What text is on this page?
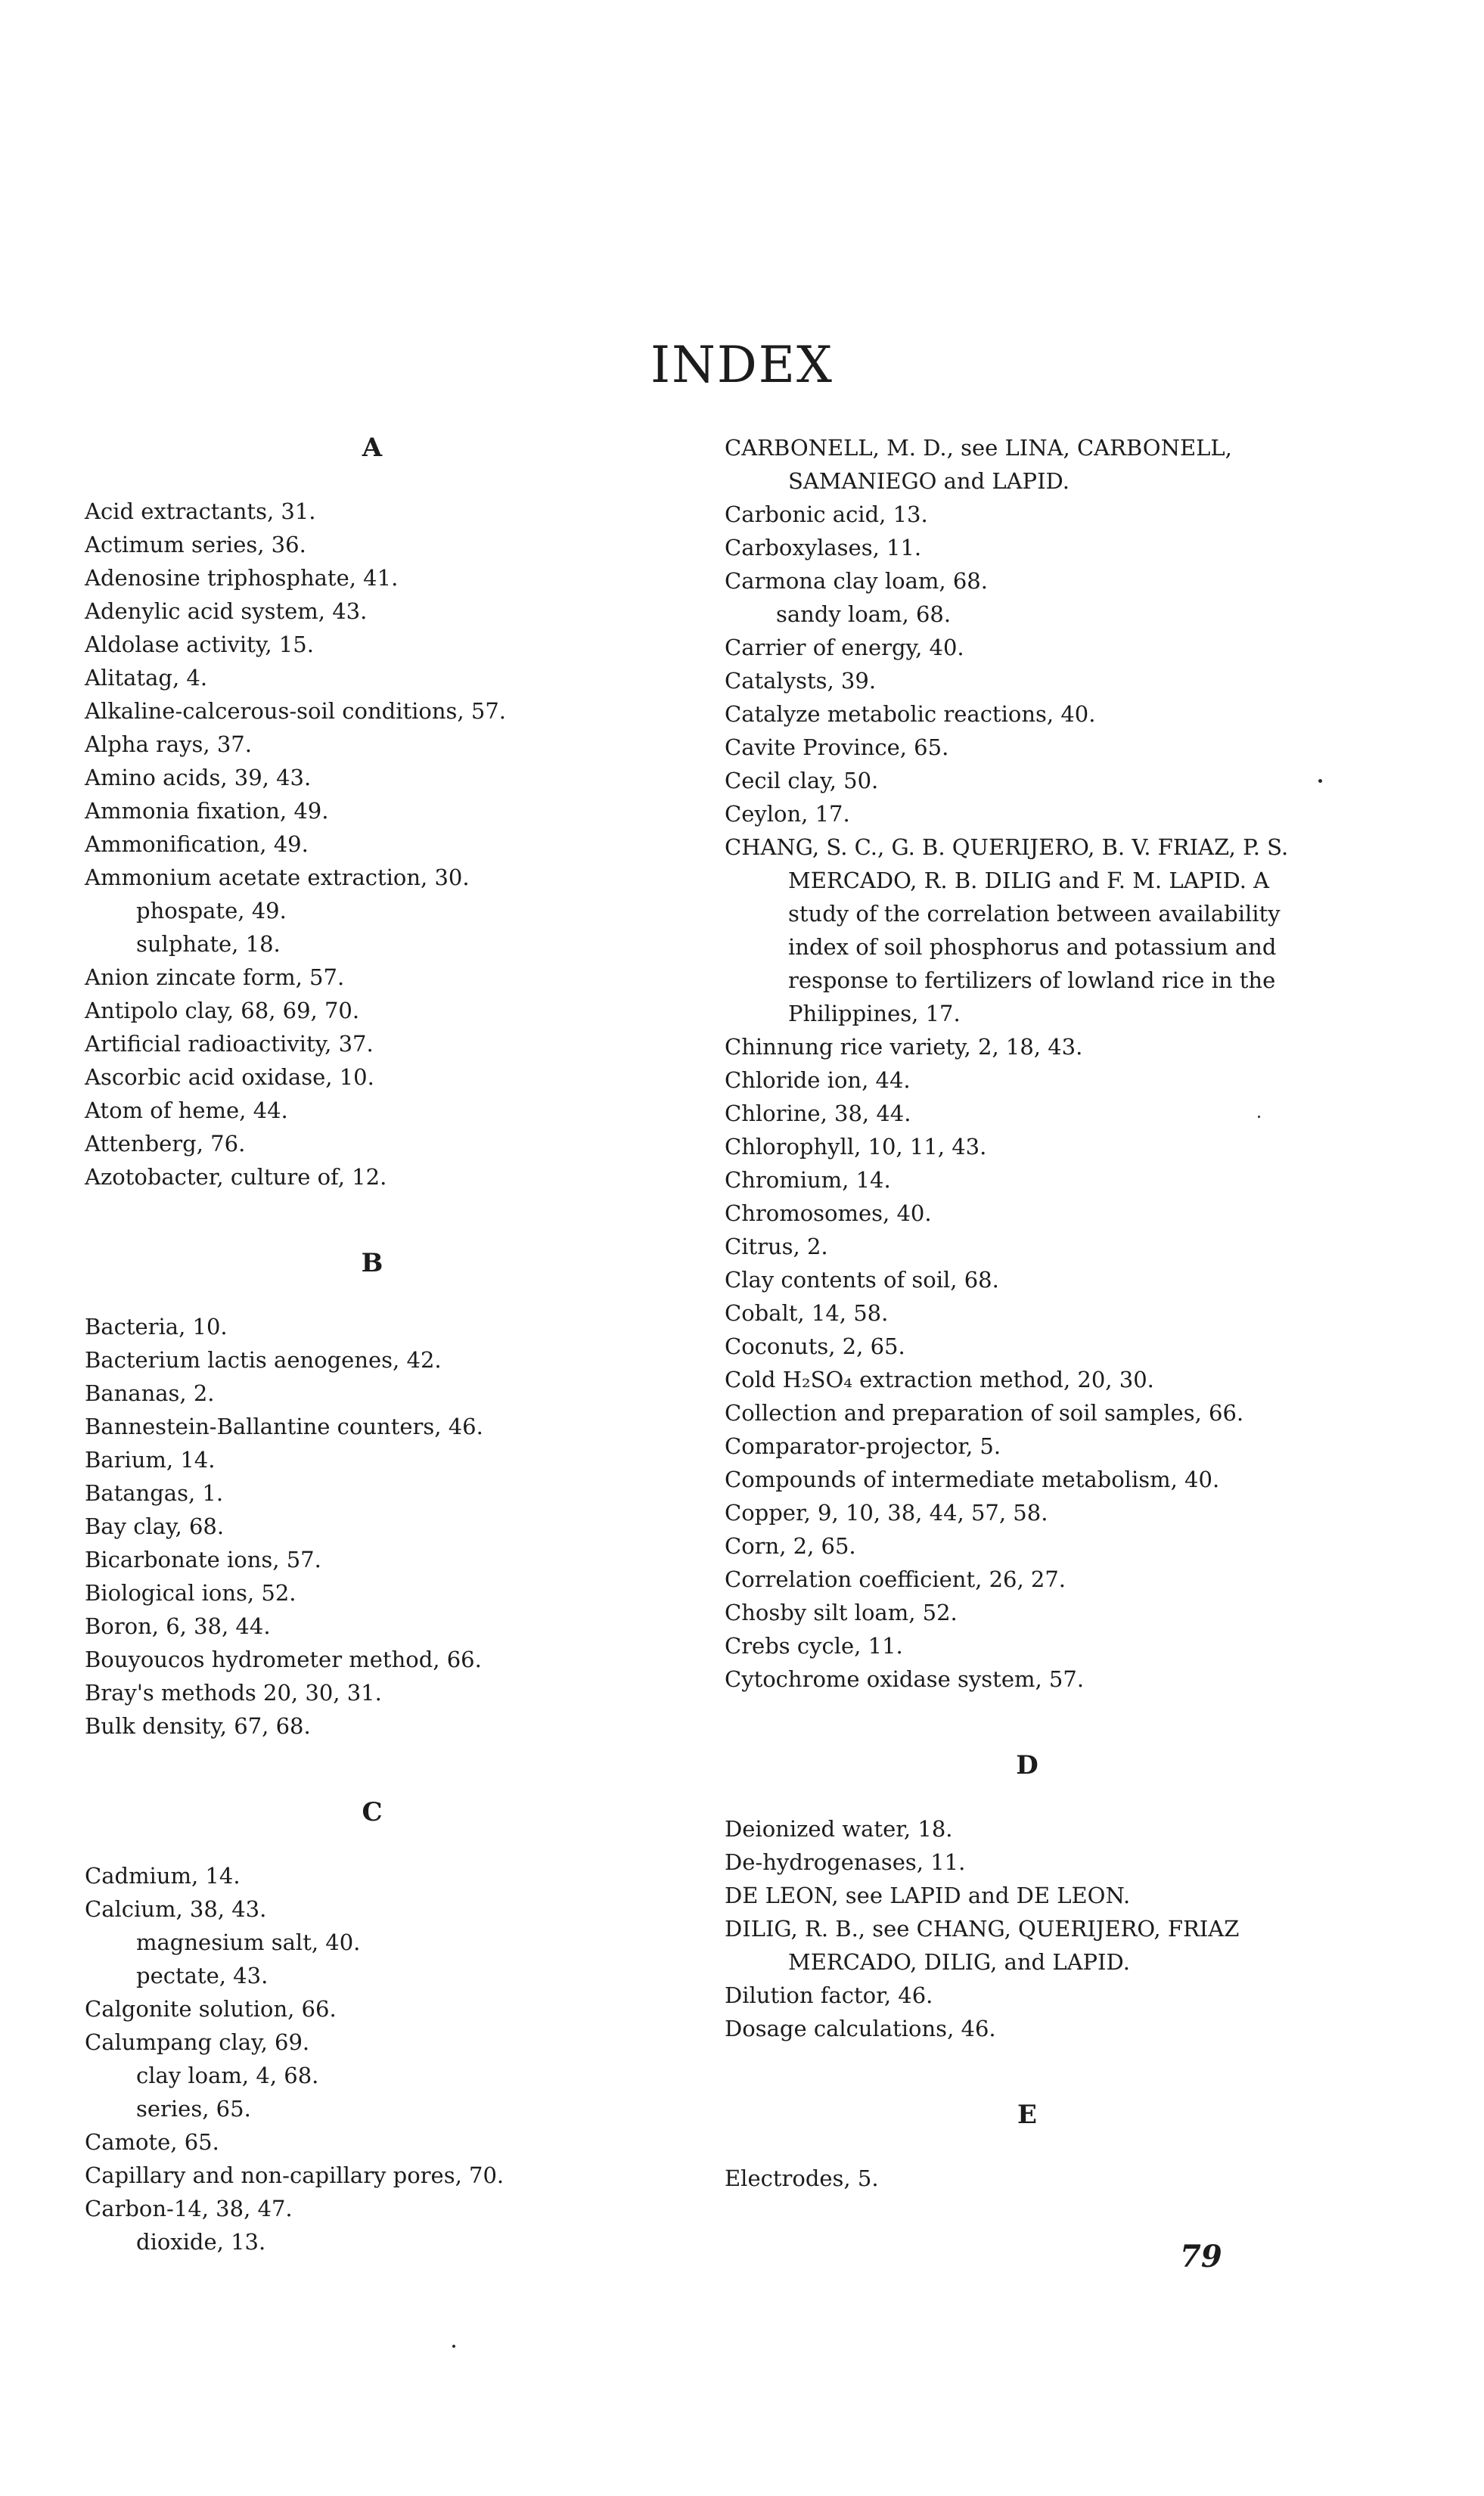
INDEX
A
Acid extractants, 31.
Actimum series, 36.
Adenosine triphosphate, 41.
Adenylic acid system, 43.
Aldolase activity, 15.
Alitatag, 4.
Alkaline-calcerous-soil conditions, 57.
Alpha rays, 37.
Amino acids, 39, 43.
Ammonia fixation, 49.
Ammonification, 49.
Ammonium acetate extraction, 30.
phospate, 49.
sulphate, 18.
Anion zincate form, 57.
Antipolo clay, 68, 69, 70.
Artificial radioactivity, 37.
Ascorbic acid oxidase, 10.
Atom of heme, 44.
Attenberg, 76.
Azotobacter, culture of, 12.
B
Bacteria, 10.
Bacterium lactis aenogenes, 42.
Bananas, 2.
Bannestein-Ballantine counters, 46.
Barium, 14.
Batangas, 1.
Bay clay, 68.
Bicarbonate ions, 57.
Biological ions, 52.
Boron, 6, 38, 44.
Bouyoucos hydrometer method, 66.
Bray's methods 20, 30, 31.
Bulk density, 67, 68.
C
Cadmium, 14.
Calcium, 38, 43.
magnesium salt, 40.
pectate, 43.
Calgonite solution, 66.
Calumpang clay, 69.
clay loam, 4, 68.
series, 65.
Camote, 65.
Capillary and non-capillary pores, 70.
Carbon-14, 38, 47.
dioxide, 13.
CARBONELL, M. D., see LINA, CARBONELL, SAMANIEGO and LAPID.
Carbonic acid, 13.
Carboxylases, 11.
Carmona clay loam, 68.
sandy loam, 68.
Carrier of energy, 40.
Catalysts, 39.
Catalyze metabolic reactions, 40.
Cavite Province, 65.
Cecil clay, 50.
Ceylon, 17.
CHANG, S. C., G. B. QUERIJERO, B. V. FRIAZ, P. S. MERCADO, R. B. DILIG and F. M. LAPID. A study of the correlation between availability index of soil phosphorus and potassium and response to fertilizers of lowland rice in the Philippines, 17.
Chinnung rice variety, 2, 18, 43.
Chloride ion, 44.
Chlorine, 38, 44.
Chlorophyll, 10, 11, 43.
Chromium, 14.
Chromosomes, 40.
Citrus, 2.
Clay contents of soil, 68.
Cobalt, 14, 58.
Coconuts, 2, 65.
Cold H₂SO₄ extraction method, 20, 30.
Collection and preparation of soil samples, 66.
Comparator-projector, 5.
Compounds of intermediate metabolism, 40.
Copper, 9, 10, 38, 44, 57, 58.
Corn, 2, 65.
Correlation coefficient, 26, 27.
Chosby silt loam, 52.
Crebs cycle, 11.
Cytochrome oxidase system, 57.
D
Deionized water, 18.
De-hydrogenases, 11.
DE LEON, see LAPID and DE LEON.
DILIG, R. B., see CHANG, QUERIJERO, FRIAZ MERCADO, DILIG, and LAPID.
Dilution factor, 46.
Dosage calculations, 46.
E
Electrodes, 5.
79
